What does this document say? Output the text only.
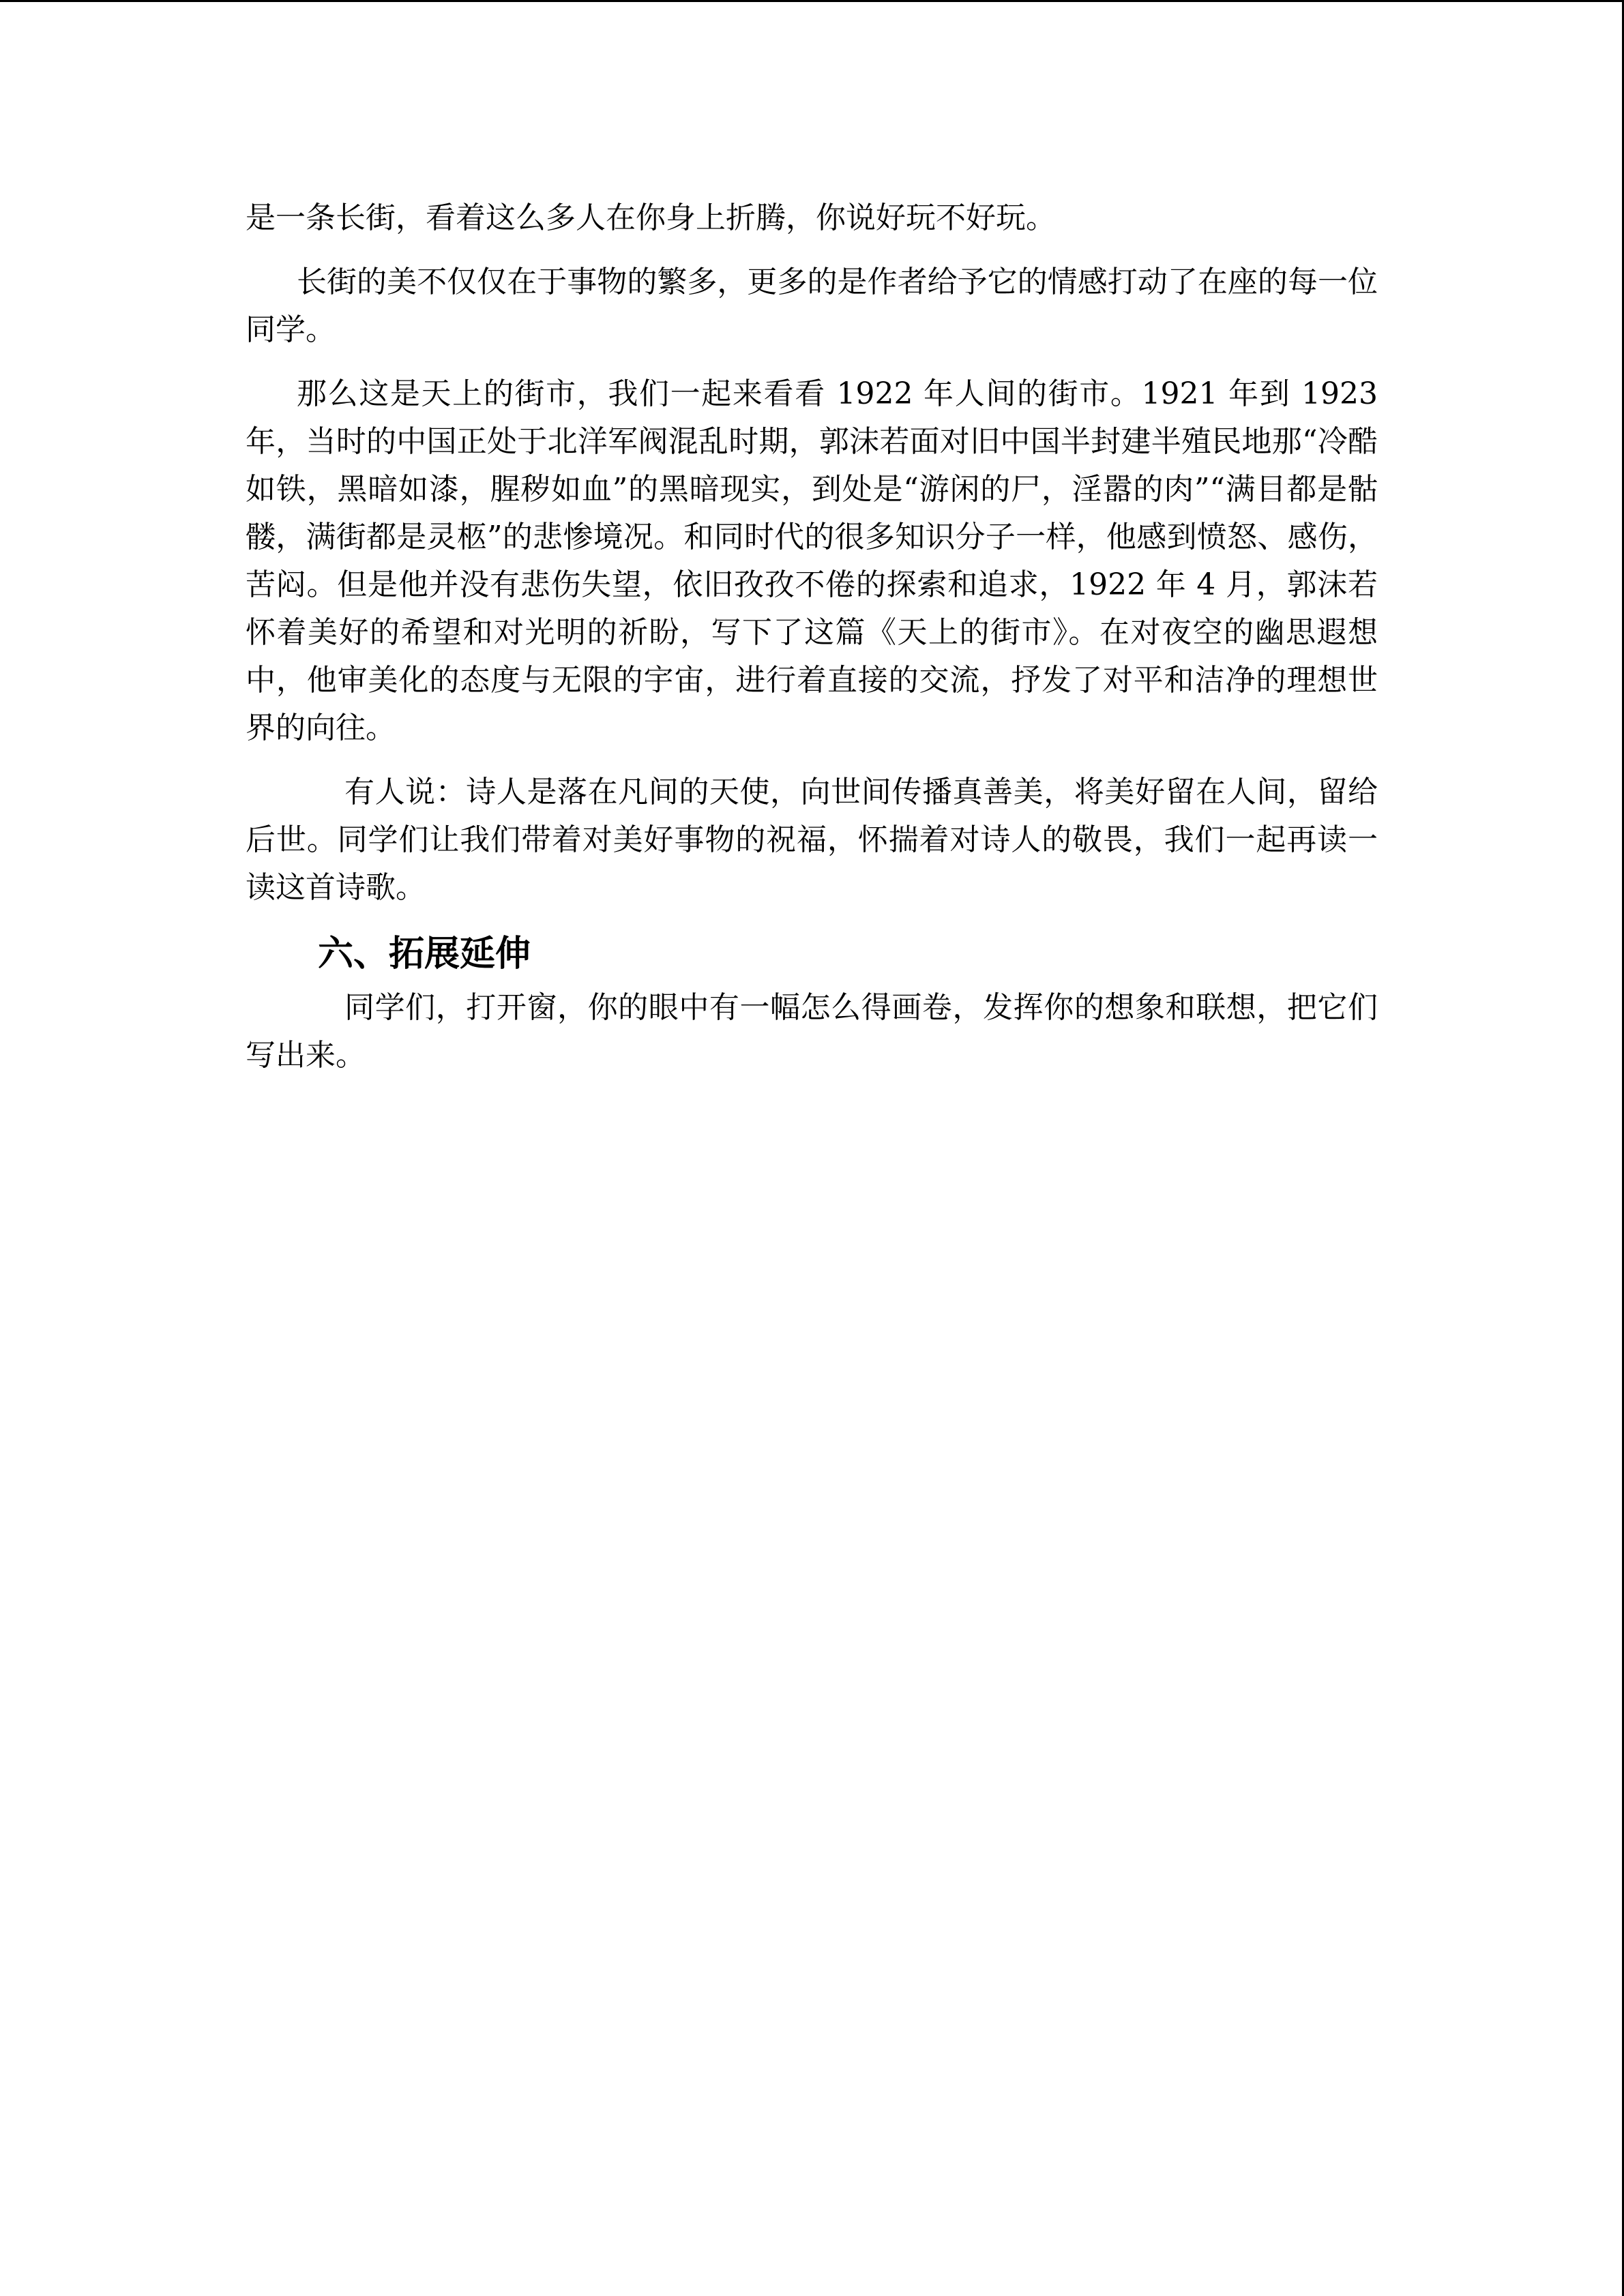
是一条长街，看着这么多人在你身上折腾，你说好玩不好玩。

长街的美不仅仅在于事物的繁多，更多的是作者给予它的情感打动了在座的每一位同学。

那么这是天上的街市，我们一起来看看 1922 年人间的街市。1921 年到 1923 年，当时的中国正处于北洋军阀混乱时期，郭沫若面对旧中国半封建半殖民地那“冷酷如铁，黑暗如漆，腥秽如血”的黑暗现实，到处是“游闲的尸，淫嚣的肉”“满目都是骷髅，满街都是灵柩”的悲惨境况。和同时代的很多知识分子一样，他感到愤怒、感伤，苦闷。但是他并没有悲伤失望，依旧孜孜不倦的探索和追求，1922 年 4 月，郭沫若怀着美好的希望和对光明的祈盼，写下了这篇《天上的街市》。在对夜空的幽思遐想中，他审美化的态度与无限的宇宙，进行着直接的交流，抒发了对平和洁净的理想世界的向往。

有人说：诗人是落在凡间的天使，向世间传播真善美，将美好留在人间，留给后世。同学们让我们带着对美好事物的祝福，怀揣着对诗人的敬畏，我们一起再读一读这首诗歌。

六、拓展延伸

同学们，打开窗，你的眼中有一幅怎么得画卷，发挥你的想象和联想，把它们写出来。
